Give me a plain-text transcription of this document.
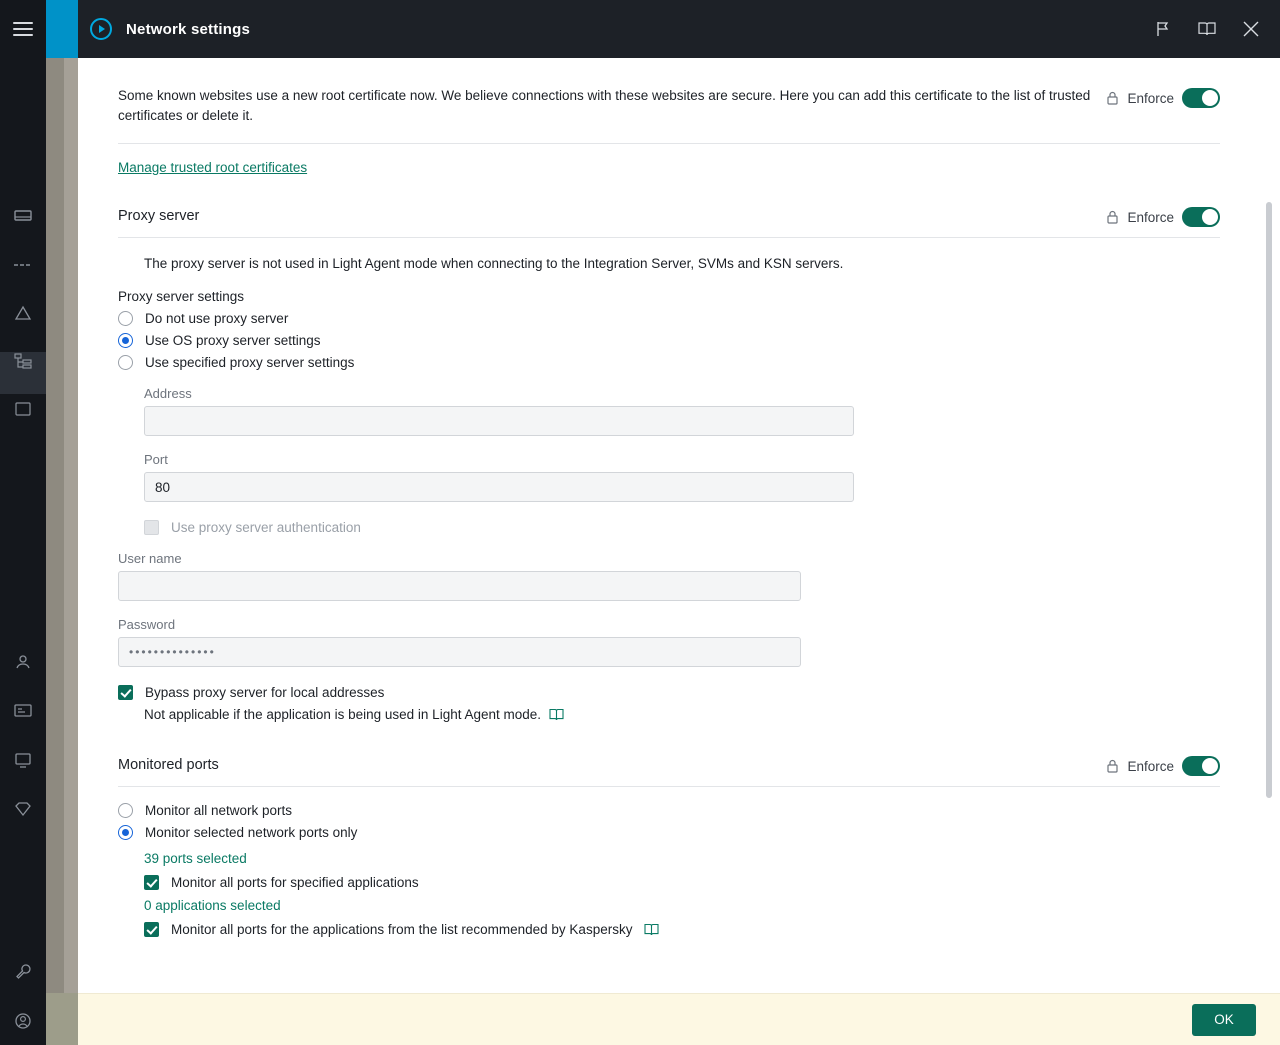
Network settings
Some known websites use a new root certificate now. We believe connections with these websites are secure. Here you can add this certificate to the list of trusted certificates or delete it.
Enforce
Manage trusted root certificates
Proxy server	Enforce
The proxy server is not used in Light Agent mode when connecting to the Integration Server, SVMs and KSN servers.
Proxy server settings
Do not use proxy server
Use OS proxy server settings
Use specified proxy server settings
Address
Port
80
Use proxy server authentication
User name
Password
••••••••••••••
Bypass proxy server for local addresses
Not applicable if the application is being used in Light Agent mode.
Monitored ports	Enforce
Monitor all network ports
Monitor selected network ports only
39 ports selected
Monitor all ports for specified applications
0 applications selected
Monitor all ports for the applications from the list recommended by Kaspersky
OK
